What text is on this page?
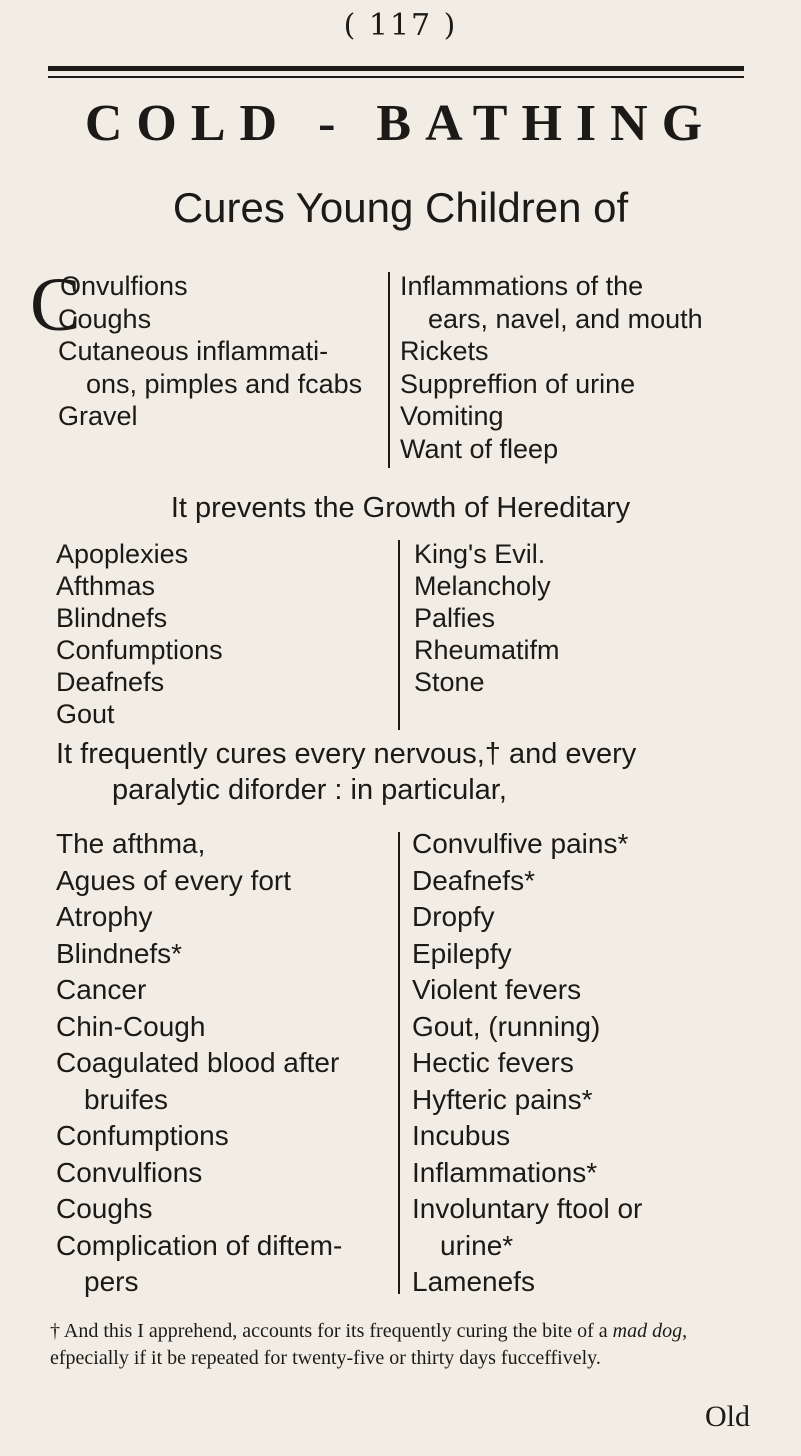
( 117 )
COLD - BATHING
Cures Young Children of
C
Onvulfions
Coughs
Cutaneous inflammati-
ons, pimples and fcabs
Gravel
Inflammations of the
ears, navel, and mouth
Rickets
Suppreffion of urine
Vomiting
Want of fleep
It prevents the Growth of Hereditary
Apoplexies
Afthmas
Blindnefs
Confumptions
Deafnefs
Gout
King's Evil.
Melancholy
Palfies
Rheumatifm
Stone
It frequently cures every nervous,† and every
paralytic diforder : in particular,
The afthma,
Agues of every fort
Atrophy
Blindnefs*
Cancer
Chin-Cough
Coagulated blood after
bruifes
Confumptions
Convulfions
Coughs
Complication of diftem-
pers
Convulfive pains*
Deafnefs*
Dropfy
Epilepfy
Violent fevers
Gout, (running)
Hectic fevers
Hyfteric pains*
Incubus
Inflammations*
Involuntary ftool or
urine*
Lamenefs
† And this I apprehend, accounts for its frequently curing the bite of a mad dog, efpecially if it be repeated for twenty-five or thirty days fucceffively.
Old
